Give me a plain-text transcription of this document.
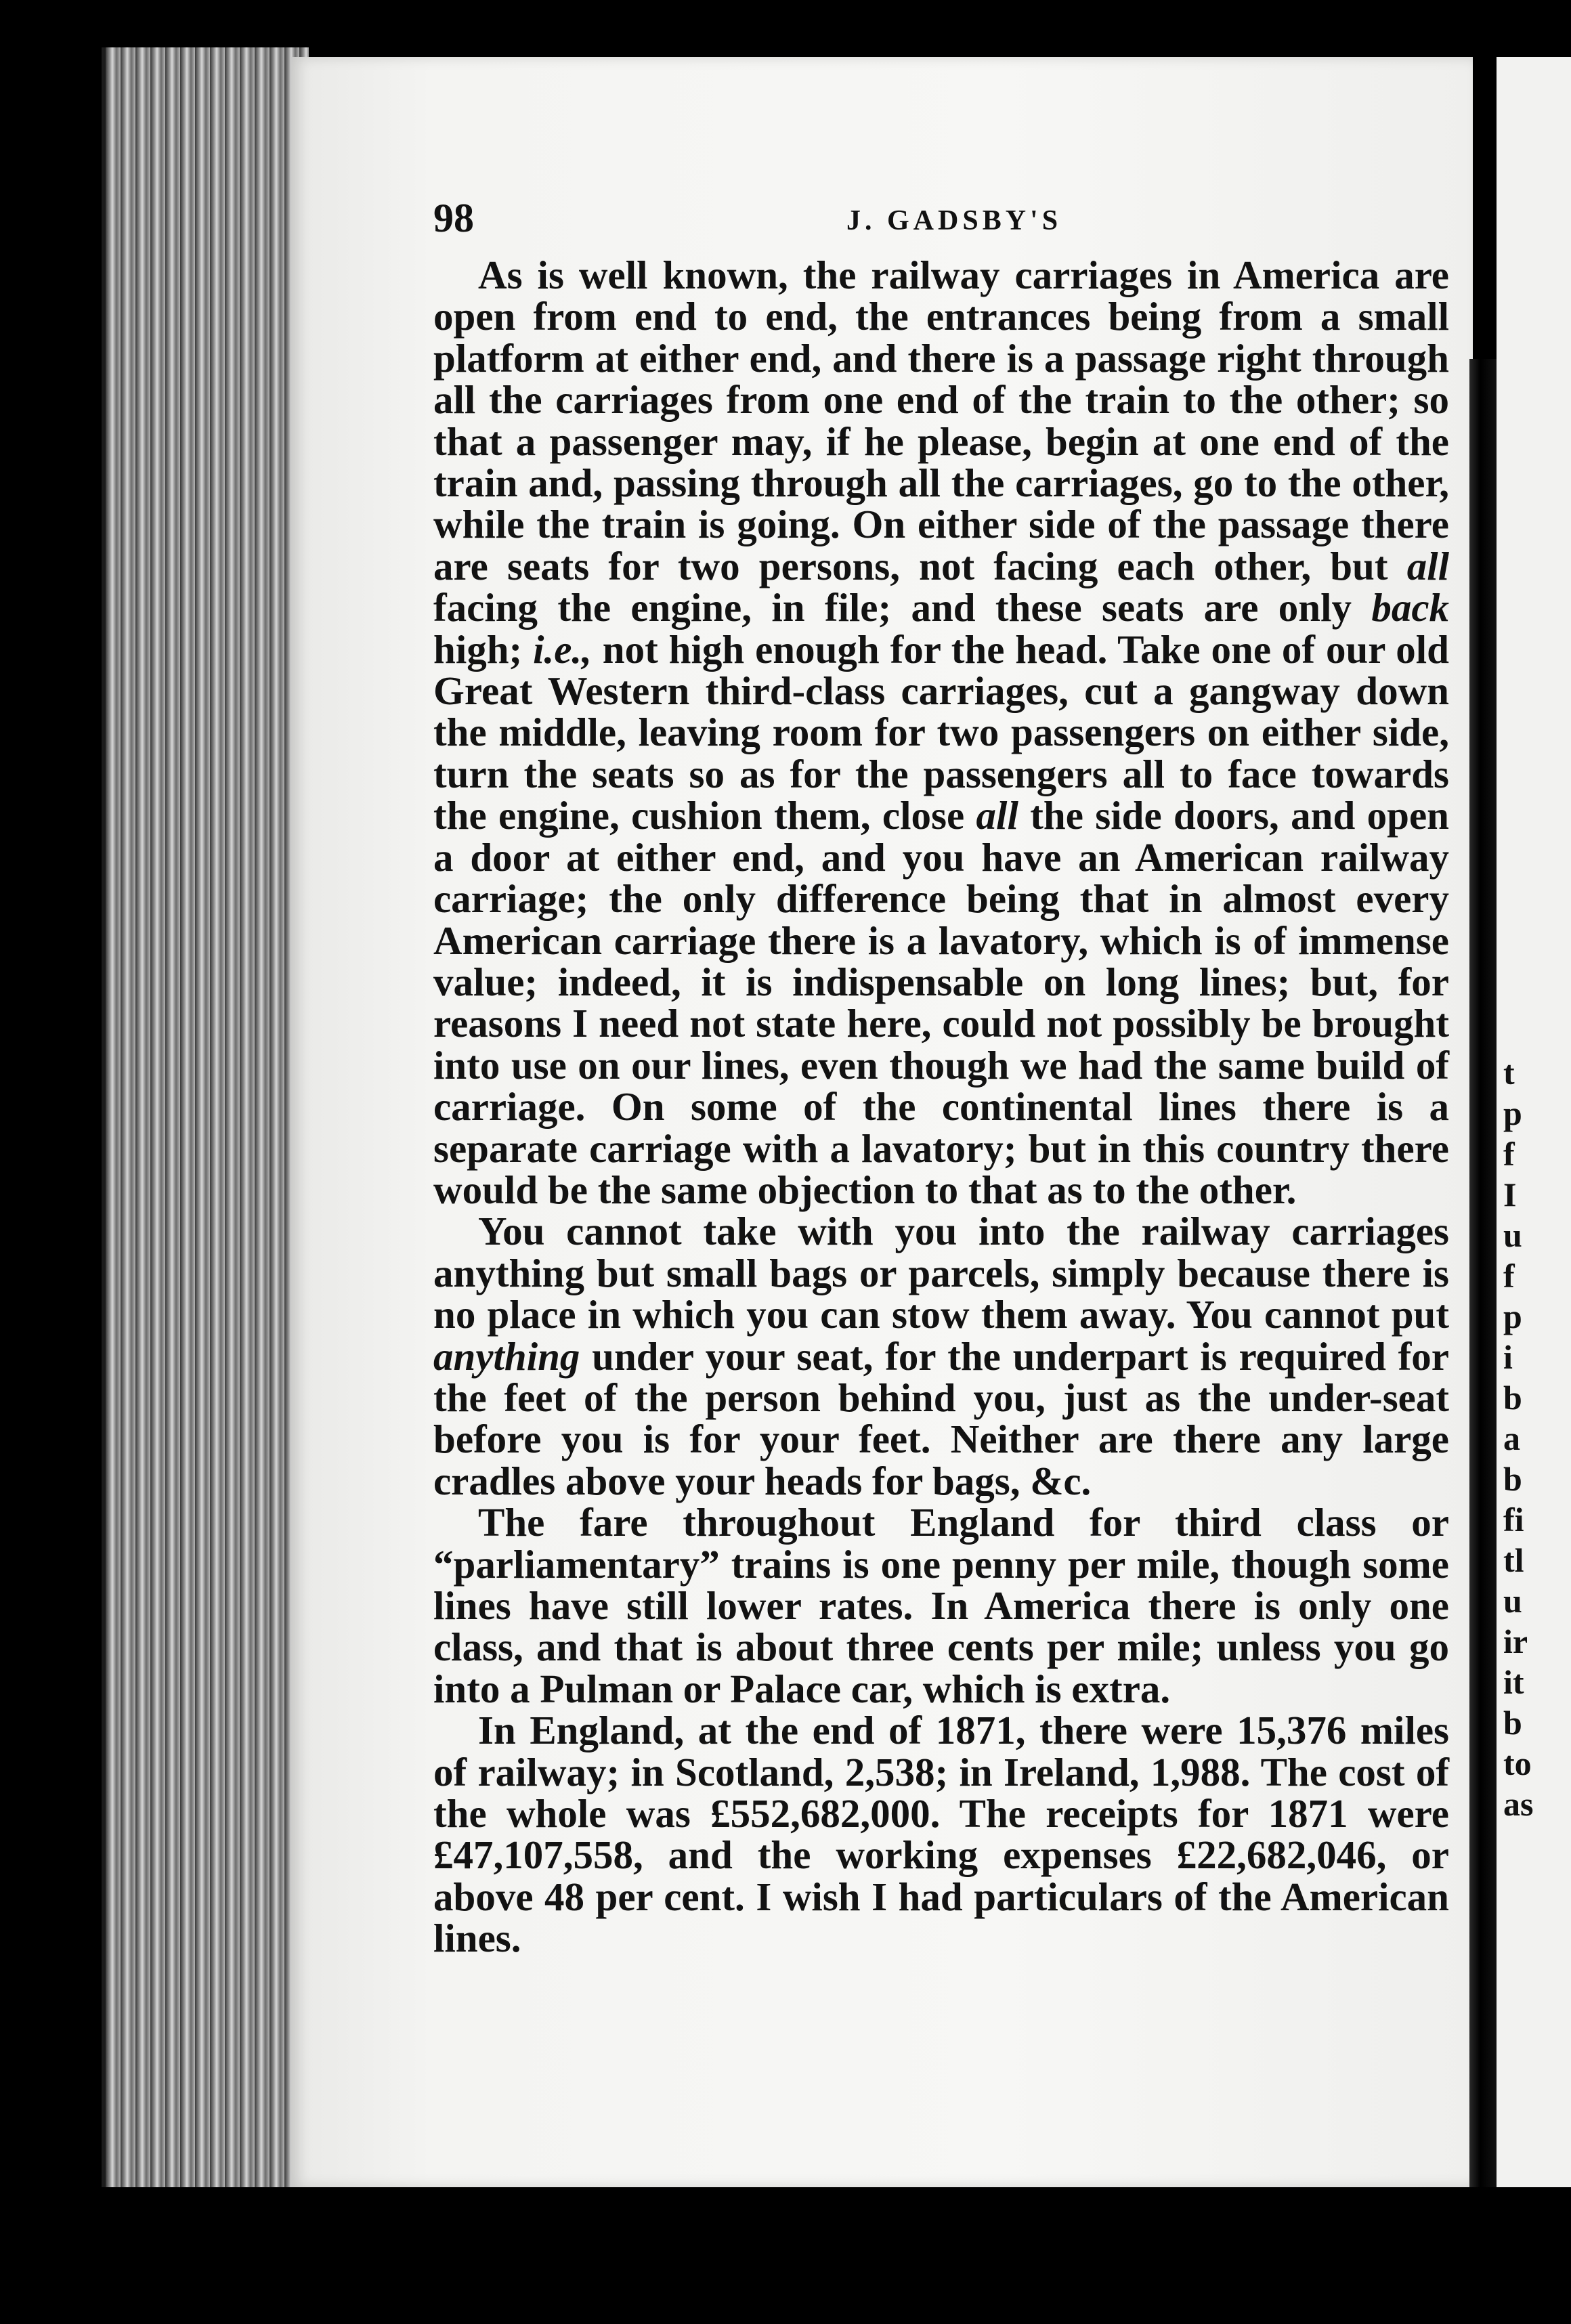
t
p
f
I
u
f
p
i
b
a
b
fi
tl
u
ir
it
b
to
as
98	J. GADSBY'S

As is well known, the railway carriages in America are open from end to end, the entrances being from a small platform at either end, and there is a passage right through all the carriages from one end of the train to the other; so that a passenger may, if he please, begin at one end of the train and, passing through all the carriages, go to the other, while the train is going. On either side of the passage there are seats for two persons, not facing each other, but all facing the engine, in file; and these seats are only back high; i.e., not high enough for the head. Take one of our old Great Western third-class carriages, cut a gangway down the middle, leaving room for two passengers on either side, turn the seats so as for the passengers all to face towards the engine, cushion them, close all the side doors, and open a door at either end, and you have an American railway carriage; the only difference being that in almost every American carriage there is a lavatory, which is of immense value; indeed, it is indispensable on long lines; but, for reasons I need not state here, could not possibly be brought into use on our lines, even though we had the same build of carriage. On some of the continental lines there is a separate carriage with a lavatory; but in this country there would be the same objection to that as to the other.

You cannot take with you into the railway carriages anything but small bags or parcels, simply because there is no place in which you can stow them away. You cannot put anything under your seat, for the underpart is required for the feet of the person behind you, just as the under-seat before you is for your feet. Neither are there any large cradles above your heads for bags, &c.

The fare throughout England for third class or “parliamentary” trains is one penny per mile, though some lines have still lower rates. In America there is only one class, and that is about three cents per mile; unless you go into a Pulman or Palace car, which is extra.

In England, at the end of 1871, there were 15,376 miles of railway; in Scotland, 2,538; in Ireland, 1,988. The cost of the whole was £552,682,000. The receipts for 1871 were £47,107,558, and the working expenses £22,682,046, or above 48 per cent. I wish I had particulars of the American lines.
